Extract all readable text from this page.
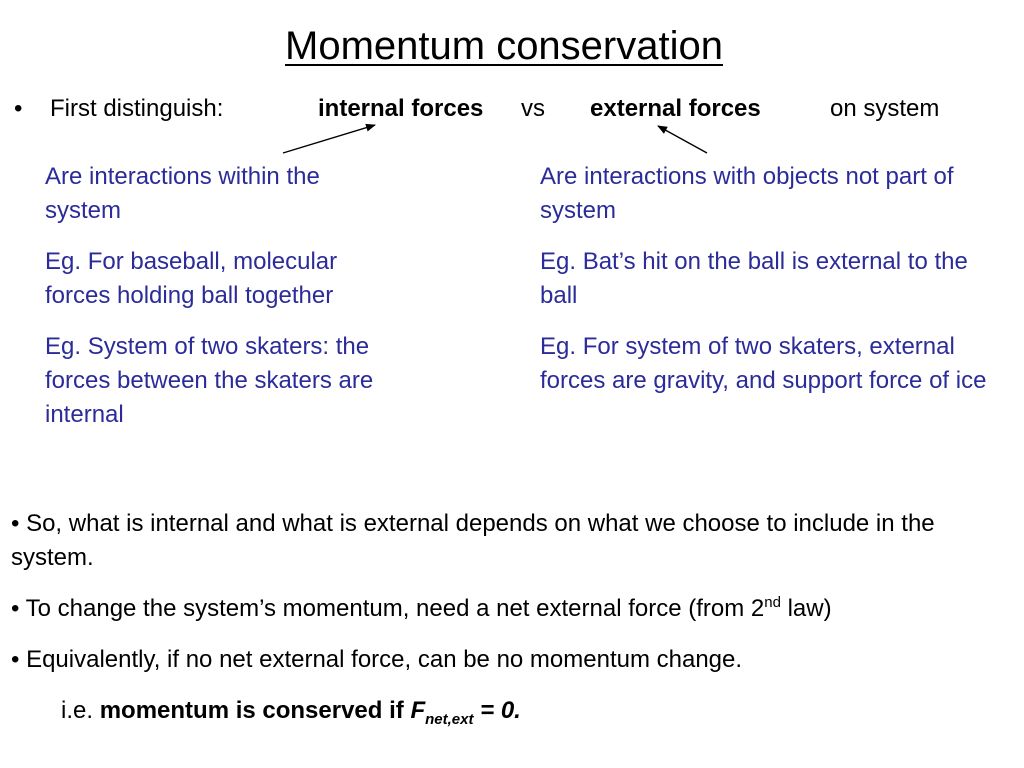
Momentum conservation
• First distinguish:	internal forces vs external forces	on system
Are interactions within the system
Eg. For baseball, molecular forces holding ball together
Eg. System of two skaters: the forces between the skaters are internal
Are interactions with objects not part of system
Eg. Bat’s hit on the ball is external to the ball
Eg. For system of two skaters, external forces are gravity, and support force of ice
• So, what is internal and what is external depends on what we choose to include in the system.
• To change the system’s momentum, need a net external force (from 2nd law)
• Equivalently, if no net external force, can be no momentum change.
i.e. momentum is conserved if $F_{net,ext} = 0$.
